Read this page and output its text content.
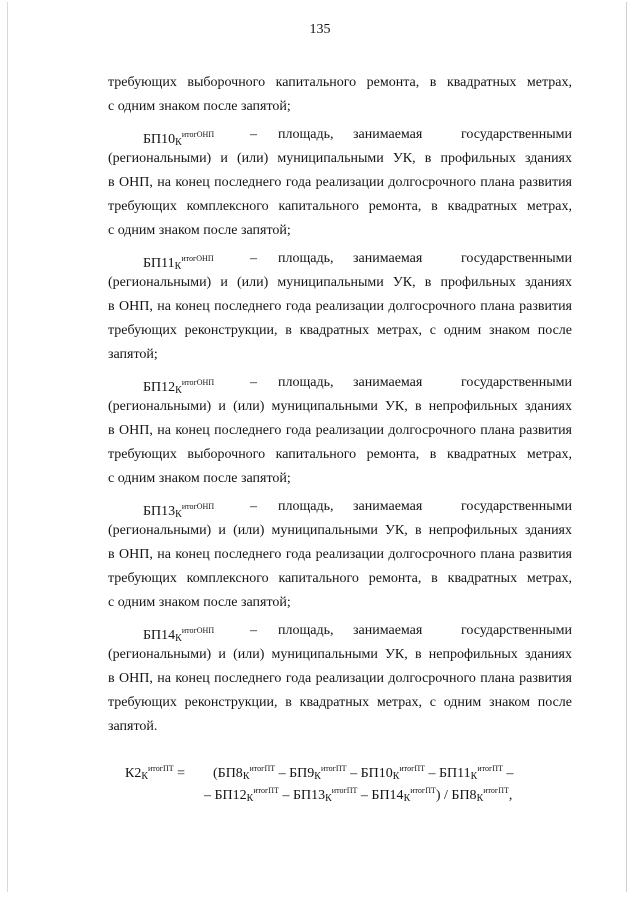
135
требующих выборочного капитального ремонта, в квадратных метрах,
с одним знаком после запятой;
$БП10_К^{итогОНП}$	– площадь, занимаемая	государственными
(региональными) и (или) муниципальными УК, в профильных зданиях
в ОНП, на конец последнего года реализации долгосрочного плана развития
требующих комплексного капитального ремонта, в квадратных метрах,
с одним знаком после запятой;
$БП11_К^{итогОНП}$	– площадь, занимаемая	государственными
(региональными) и (или) муниципальными УК, в профильных зданиях
в ОНП, на конец последнего года реализации долгосрочного плана развития
требующих реконструкции, в квадратных метрах, с одним знаком после
запятой;
$БП12_К^{итогОНП}$	– площадь, занимаемая	государственными
(региональными) и (или) муниципальными УК, в непрофильных зданиях
в ОНП, на конец последнего года реализации долгосрочного плана развития
требующих выборочного капитального ремонта, в квадратных метрах,
с одним знаком после запятой;
$БП13_К^{итогОНП}$	– площадь, занимаемая	государственными
(региональными) и (или) муниципальными УК, в непрофильных зданиях
в ОНП, на конец последнего года реализации долгосрочного плана развития
требующих комплексного капитального ремонта, в квадратных метрах,
с одним знаком после запятой;
$БП14_К^{итогОНП}$	– площадь, занимаемая	государственными
(региональными) и (или) муниципальными УК, в непрофильных зданиях
в ОНП, на конец последнего года реализации долгосрочного плана развития
требующих реконструкции, в квадратных метрах, с одним знаком после
запятой.
$К2_К^{итогПТ} = (БП8_К^{итогПТ} - БП9_К^{итогПТ} - БП10_К^{итогПТ} - БП11_К^{итогПТ}$ –
– $БП12_К^{итогПТ} - БП13_К^{итогПТ} - БП14_К^{итогПТ}) / БП8_К^{итогПТ}$,
